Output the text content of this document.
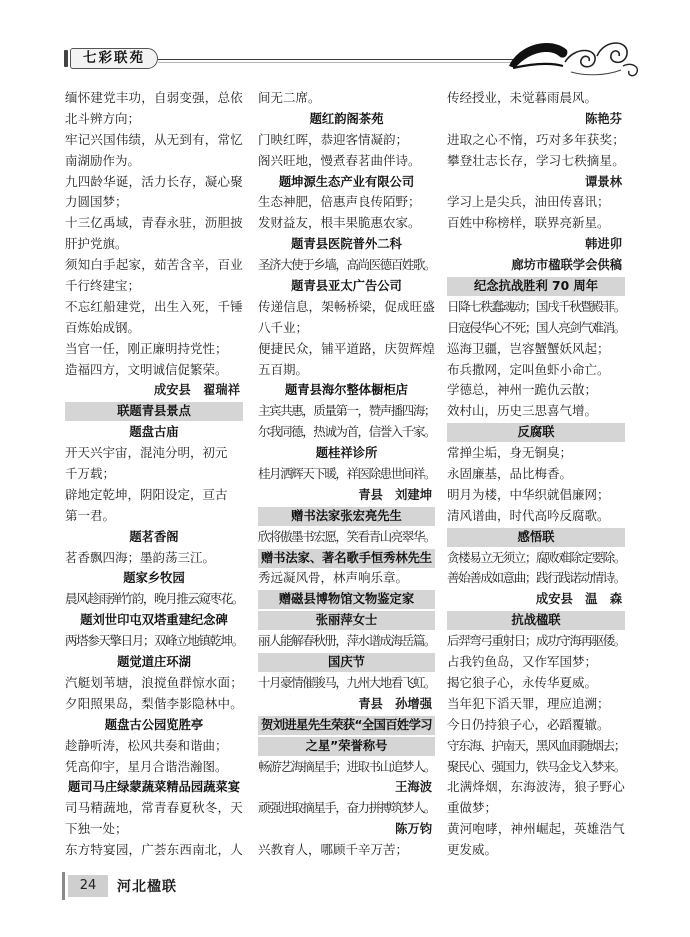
七彩联苑
缅怀建党丰功，自弱变强，总依
北斗辨方向；
牢记兴国伟绩，从无到有，常忆
南湖励作为。
九四龄华诞，活力长存，凝心聚
力圆国梦；
十三亿禹域，青春永驻，沥胆披
肝护党旗。
须知白手起家，茹苦含辛，百业
千行终建宝；
不忘红船建党，出生入死，千锤
百炼始成钢。
当官一任，刚正廉明持党性；
造福四方，文明诚信促繁荣。
成安县　翟瑞祥
联题青县景点
题盘古庙
开天兴宇宙，混沌分明，初元
千万载；
辟地定乾坤，阴阳设定，亘古
第一君。
题茗香阁
茗香飘四海；墨韵荡三江。
题家乡牧园
晨风趁雨弹竹韵，晚月推云窥枣花。
题刘世印屯双塔重建纪念碑
两塔参天擎日月；双峰立地镇乾坤。
题觉道庄环湖
汽艇划苇塘，浪搅鱼群惊水面；
夕阳照果岛，梨偕李影隐林中。
题盘古公园览胜亭
趁静听涛，松风共奏和谐曲；
凭高仰宇，星月合谐浩瀚图。
题司马庄绿蒙蔬菜精品园蔬菜宴
司马精蔬地，常青春夏秋冬，天
下独一处；
东方特宴园，广荟东西南北，人
间无二席。
题红韵阁茶苑
门映红晖，恭迎客情凝韵；
阁兴旺地，慢煮春茗曲伴诗。
题坤源生态产业有限公司
生态神肥，倍惠声良传陌野；
发财益友，根丰果脆惠农家。
题青县医院普外二科
圣济大使于乡墙，高尚医德百姓歌。
题青县亚太广告公司
传递信息，架畅桥梁，促成旺盛
八千业；
便捷民众，铺平道路，庆贺辉煌
五百期。
题青县海尔整体橱柜店
主宾共惠，质量第一，赞声播四海；
尔我同德，热诚为首，信誉入千家。
题桂祥诊所
桂月洒辉天下暖，祥医除患世间祥。
青县　刘建坤
赠书法家张宏亮先生
欣将傲墨书宏愿，笑看青山亮翠华。
赠书法家、著名歌手恒秀林先生
秀远凝风骨，林声响乐章。
赠磁县博物馆文物鉴定家
张丽萍女士
丽人能解春秋册，萍水谱成海岳篇。
国庆节
十月豪情催骏马，九州大地看飞虹。
青县　孙增强
贺刘进星先生荣获“全国百姓学习
之星”荣誉称号
畅游艺海摘星手；进取书山追梦人。
王海波
顽强进取摘星手，奋力拼搏筑梦人。
陈万钧
兴教育人，哪顾千辛万苦；
传经授业，未觉暮雨晨风。
陈艳芬
进取之心不惰，巧对多年获奖；
攀登壮志长存，学习七秩摘星。
谭景林
学习上是尖兵，油田传喜讯；
百姓中称榜样，联界亮新星。
韩进卯
廊坊市楹联学会供稿
纪念抗战胜利 70 周年
日降七秩蠢魂动；国戌千秋暨殿菲。
日寇侵华心不死；国人亮剑气难消。
巡海卫疆，岂容蟹蟹妖风起；
布兵撒网，定叫鱼虾小命亡。
学德总，神州一跪仇云散；
效村山，历史三思喜气增。
反腐联
常掸尘垢，身无铜臭；
永固廉基，品比梅香。
明月为楼，中华织就倡廉网；
清风谱曲，时代高吟反腐歌。
感悟联
贪楼易立无须立；腐败难除定要除。
善始善成如意曲；践行践诺动情诗。
成安县　温　森
抗战楹联
后羿弯弓重射日；成功守海再驱倭。
占我钓鱼岛，又作军国梦；
揭它狼子心，永传华夏威。
当年犯下滔天罪，理应追溯；
今日仍持狼子心，必蹈覆辙。
守东海、护南天，黑风血雨随烟去；
聚民心、强国力，铁马金戈入梦来。
北满烽烟，东海波涛，狼子野心
重做梦；
黄河咆哮，神州崛起，英雄浩气
更发威。
24	河北楹联
